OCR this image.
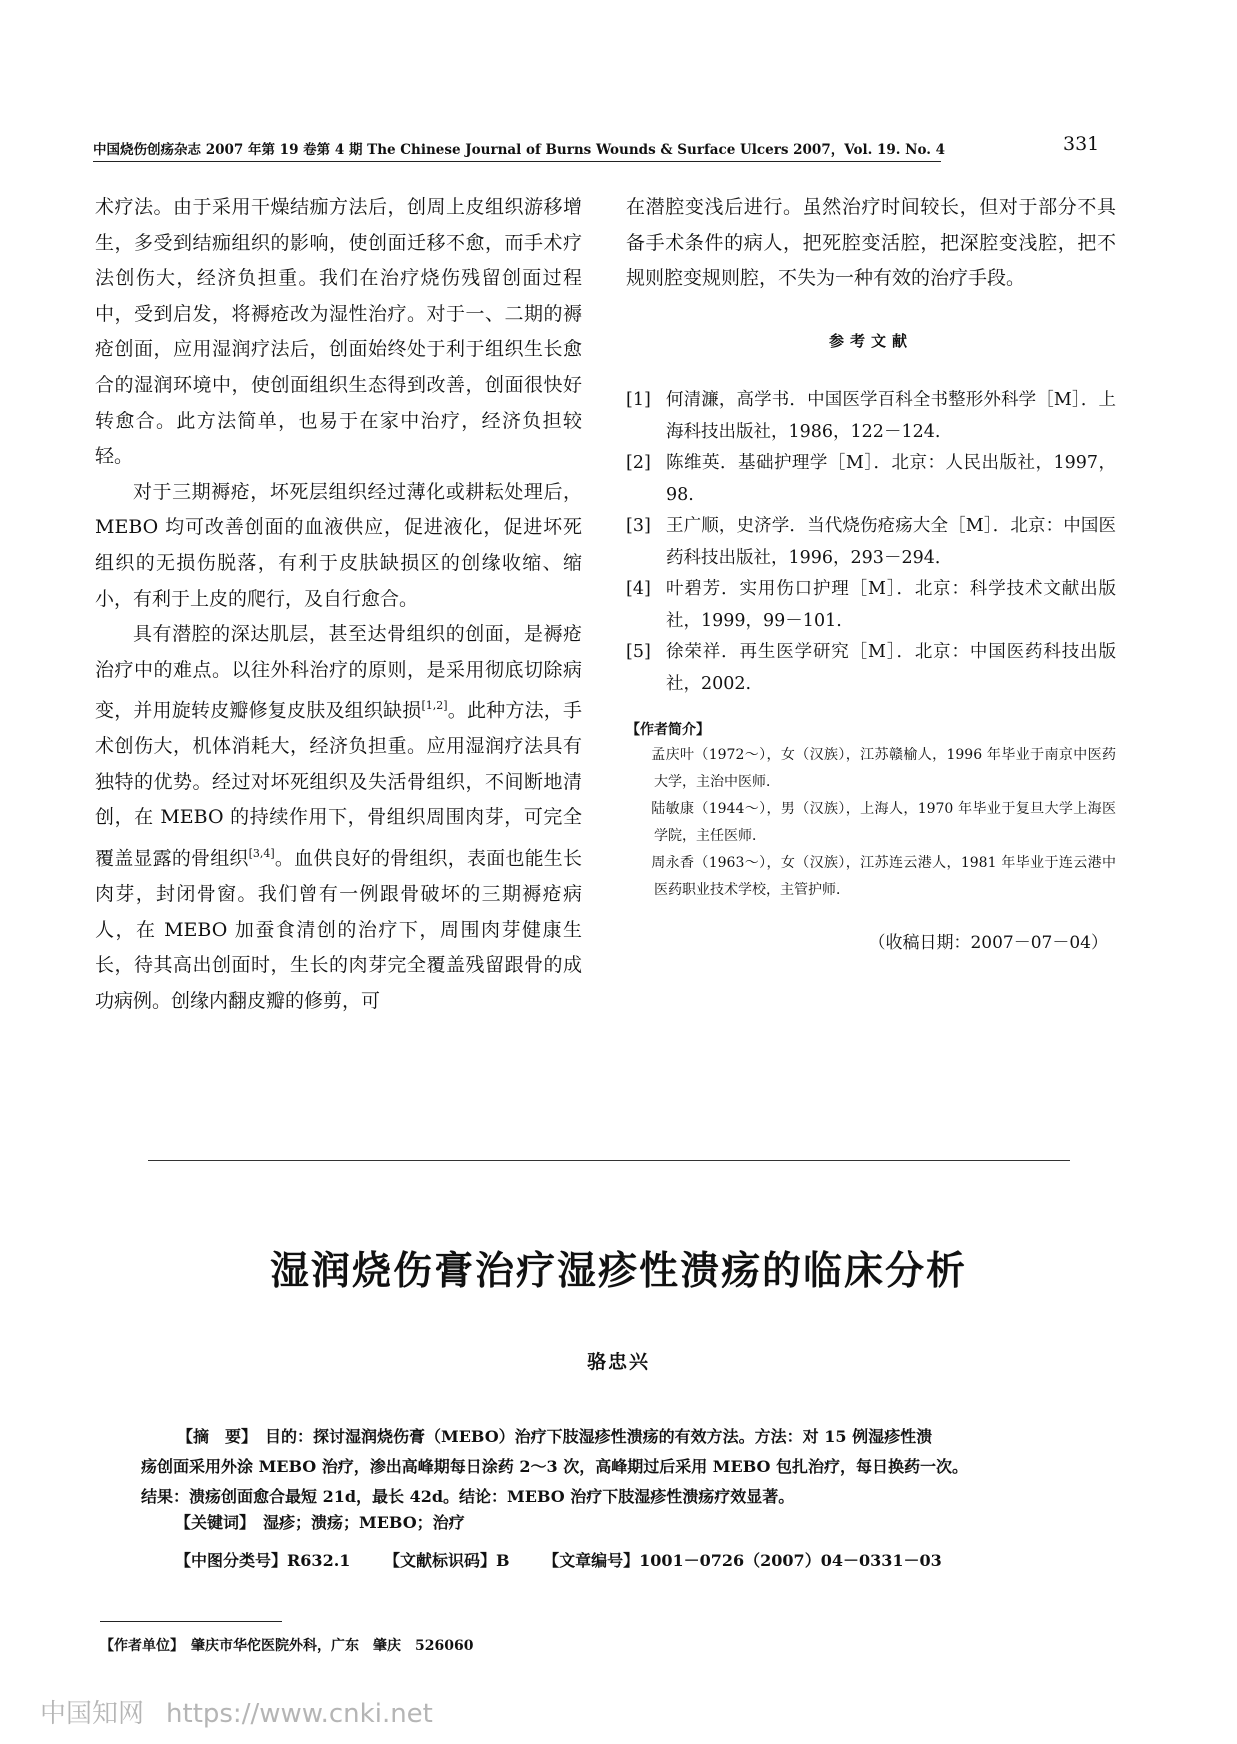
中国烧伤创疡杂志 2007 年第 19 卷第 4 期 The Chinese Journal of Burns Wounds & Surface Ulcers 2007，Vol. 19. No. 4	331

术疗法。由于采用干燥结痂方法后，创周上皮组织游移增生，多受到结痂组织的影响，使创面迁移不愈，而手术疗法创伤大，经济负担重。我们在治疗烧伤残留创面过程中，受到启发，将褥疮改为湿性治疗。对于一、二期的褥疮创面，应用湿润疗法后，创面始终处于利于组织生长愈合的湿润环境中，使创面组织生态得到改善，创面很快好转愈合。此方法简单，也易于在家中治疗，经济负担较轻。

对于三期褥疮，坏死层组织经过薄化或耕耘处理后，MEBO 均可改善创面的血液供应，促进液化，促进坏死组织的无损伤脱落，有利于皮肤缺损区的创缘收缩、缩小，有利于上皮的爬行，及自行愈合。

具有潜腔的深达肌层，甚至达骨组织的创面，是褥疮治疗中的难点。以往外科治疗的原则，是采用彻底切除病变，并用旋转皮瓣修复皮肤及组织缺损[1,2]。此种方法，手术创伤大，机体消耗大，经济负担重。应用湿润疗法具有独特的优势。经过对坏死组织及失活骨组织，不间断地清创，在 MEBO 的持续作用下，骨组织周围肉芽，可完全覆盖显露的骨组织[3,4]。血供良好的骨组织，表面也能生长肉芽，封闭骨窗。我们曾有一例跟骨破坏的三期褥疮病人，在 MEBO 加蚕食清创的治疗下，周围肉芽健康生长，待其高出创面时，生长的肉芽完全覆盖残留跟骨的成功病例。创缘内翻皮瓣的修剪，可

在潜腔变浅后进行。虽然治疗时间较长，但对于部分不具备手术条件的病人，把死腔变活腔，把深腔变浅腔，把不规则腔变规则腔，不失为一种有效的治疗手段。

参考文献
[1] 何清濂，高学书．中国医学百科全书整形外科学［M］．上海科技出版社，1986，122－124.
[2] 陈维英．基础护理学［M］．北京：人民出版社，1997，98.
[3] 王广顺，史济学．当代烧伤疮疡大全［M］．北京：中国医药科技出版社，1996，293－294．
[4] 叶碧芳．实用伤口护理［M］．北京：科学技术文献出版社，1999，99－101.
[5] 徐荣祥．再生医学研究［M］．北京：中国医药科技出版社，2002.
【作者简介】
孟庆叶（1972～），女（汉族），江苏赣榆人，1996 年毕业于南京中医药大学，主治中医师．
陆敏康（1944～），男（汉族），上海人，1970 年毕业于复旦大学上海医学院，主任医师．
周永香（1963～），女（汉族），江苏连云港人，1981 年毕业于连云港中医药职业技术学校，主管护师．
（收稿日期：2007－07－04）
湿润烧伤膏治疗湿疹性溃疡的临床分析
骆忠兴
【摘　要】　目的：探讨湿润烧伤膏（MEBO）治疗下肢湿疹性溃疡的有效方法。方法：对 15 例湿疹性溃
疡创面采用外涂 MEBO 治疗，渗出高峰期每日涂药 2～3 次，高峰期过后采用 MEBO 包扎治疗，每日换药一次。
结果：溃疡创面愈合最短 21d，最长 42d。结论：MEBO 治疗下肢湿疹性溃疡疗效显著。
【关键词】　湿疹；溃疡；MEBO；治疗
【中图分类号】R632.1 【文献标识码】B 【文章编号】1001－0726（2007）04－0331－03
【作者单位】　肇庆市华佗医院外科，广东　肇庆　526060
中国知网 https://www.cnki.net
